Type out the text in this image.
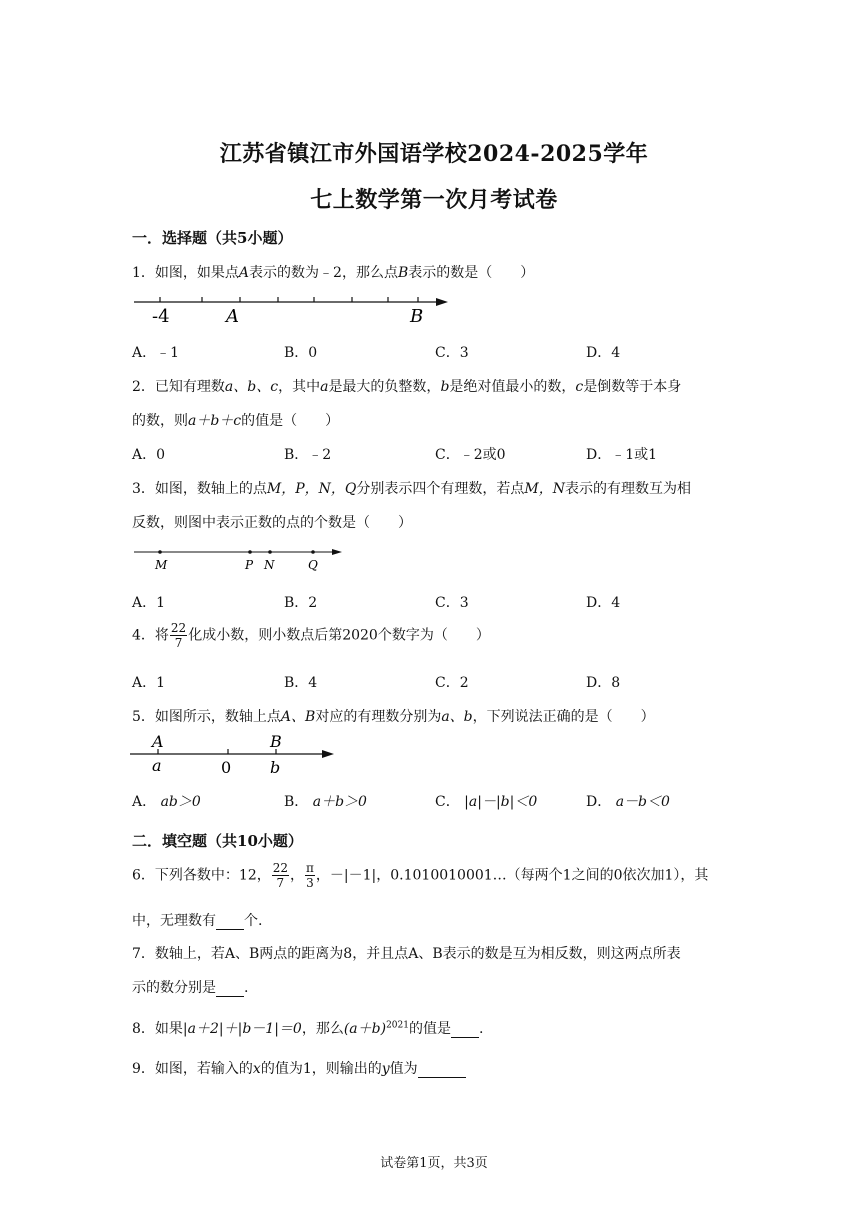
江苏省镇江市外国语学校2024-2025学年
七上数学第一次月考试卷
一．选择题（共5小题）
1．如图，如果点A表示的数为﹣2，那么点B表示的数是（　　）
-4	A	B
A．﹣1	B．0	C．3	D．4
2．已知有理数a、b、c，其中a是最大的负整数，b是绝对值最小的数，c是倒数等于本身
的数，则a＋b＋c的值是（　　）
A．0	B．﹣2	C．﹣2或0	D．﹣1或1
3．如图，数轴上的点M，P，N，Q分别表示四个有理数，若点M，N表示的有理数互为相
反数，则图中表示正数的点的个数是（　　）
M	P N	Q
A．1	B．2	C．3	D．4
4．将 $\frac{22}{7}$ 化成小数，则小数点后第2020个数字为（　　）
A．1	B．4	C．2	D．8
5．如图所示，数轴上点A、B对应的有理数分别为a、b，下列说法正确的是（　　）
A
a	0
B
b
A． ab＞0	B． a＋b＞0	C． |a|－|b|＜0	D． a－b＜0
二．填空题（共10小题）
6．下列各数中：12， $\frac{22}{7}$ ， $\frac{\pi}{3}$ ，－|－1|，0.1010010001…（每两个1之间的0依次加1），其
中，无理数有 个.
7．数轴上，若A、B两点的距离为8，并且点A、B表示的数是互为相反数，则这两点所表
示的数分别是 .
8．如果|a＋2|＋|b－1|＝0，那么$(a+b)^{2021}$的值是 .
9．如图，若输入的x的值为1，则输出的y值为
试卷第1页，共3页
